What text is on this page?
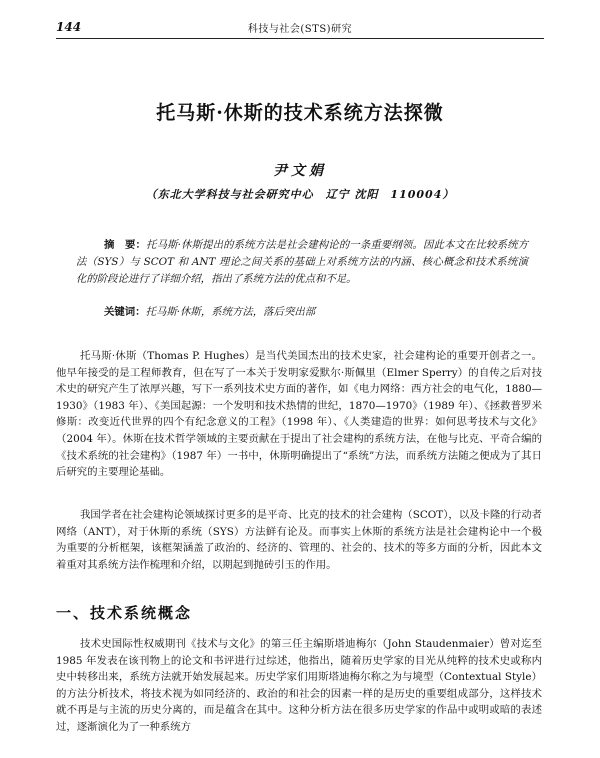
144	科技与社会(STS)研究
托马斯·休斯的技术系统方法探微
尹文娟
（东北大学科技与社会研究中心　辽宁 沈阳　110004）
摘　要：托马斯·休斯提出的系统方法是社会建构论的一条重要纲领。因此本文在比较系统方法（SYS）与 SCOT 和 ANT 理论之间关系的基础上对系统方法的内涵、核心概念和技术系统演化的阶段论进行了详细介绍，指出了系统方法的优点和不足。
关键词：托马斯·休斯，系统方法，落后突出部

托马斯·休斯（Thomas P. Hughes）是当代美国杰出的技术史家，社会建构论的重要开创者之一。他早年接受的是工程师教育，但在写了一本关于发明家爱默尔·斯佩里（Elmer Sperry）的自传之后对技术史的研究产生了浓厚兴趣，写下一系列技术史方面的著作，如《电力网络：西方社会的电气化，1880—1930》（1983 年）、《美国起源：一个发明和技术热情的世纪，1870—1970》（1989 年）、《拯救普罗米修斯：改变近代世界的四个有纪念意义的工程》（1998 年）、《人类建造的世界：如何思考技术与文化》（2004 年）。休斯在技术哲学领域的主要贡献在于提出了社会建构的系统方法，在他与比克、平奇合编的《技术系统的社会建构》（1987 年）一书中，休斯明确提出了“系统”方法，而系统方法随之便成为了其日后研究的主要理论基础。

我国学者在社会建构论领域探讨更多的是平奇、比克的技术的社会建构（SCOT），以及卡隆的行动者网络（ANT），对于休斯的系统（SYS）方法鲜有论及。而事实上休斯的系统方法是社会建构论中一个极为重要的分析框架，该框架涵盖了政治的、经济的、管理的、社会的、技术的等多方面的分析，因此本文着重对其系统方法作梳理和介绍，以期起到抛砖引玉的作用。

一、技术系统概念

技术史国际性权威期刊《技术与文化》的第三任主编斯塔迪梅尔（John Staudenmaier）曾对迄至 1985 年发表在该刊物上的论文和书评进行过综述，他指出，随着历史学家的目光从纯粹的技术史或称内史中转移出来，系统方法就开始发展起来。历史学家们用斯塔迪梅尔称之为与境型（Contextual Style）的方法分析技术，将技术视为如同经济的、政治的和社会的因素一样的是历史的重要组成部分，这样技术就不再是与主流的历史分离的，而是蕴含在其中。这种分析方法在很多历史学家的作品中或明或暗的表述过，逐渐演化为了一种系统方
